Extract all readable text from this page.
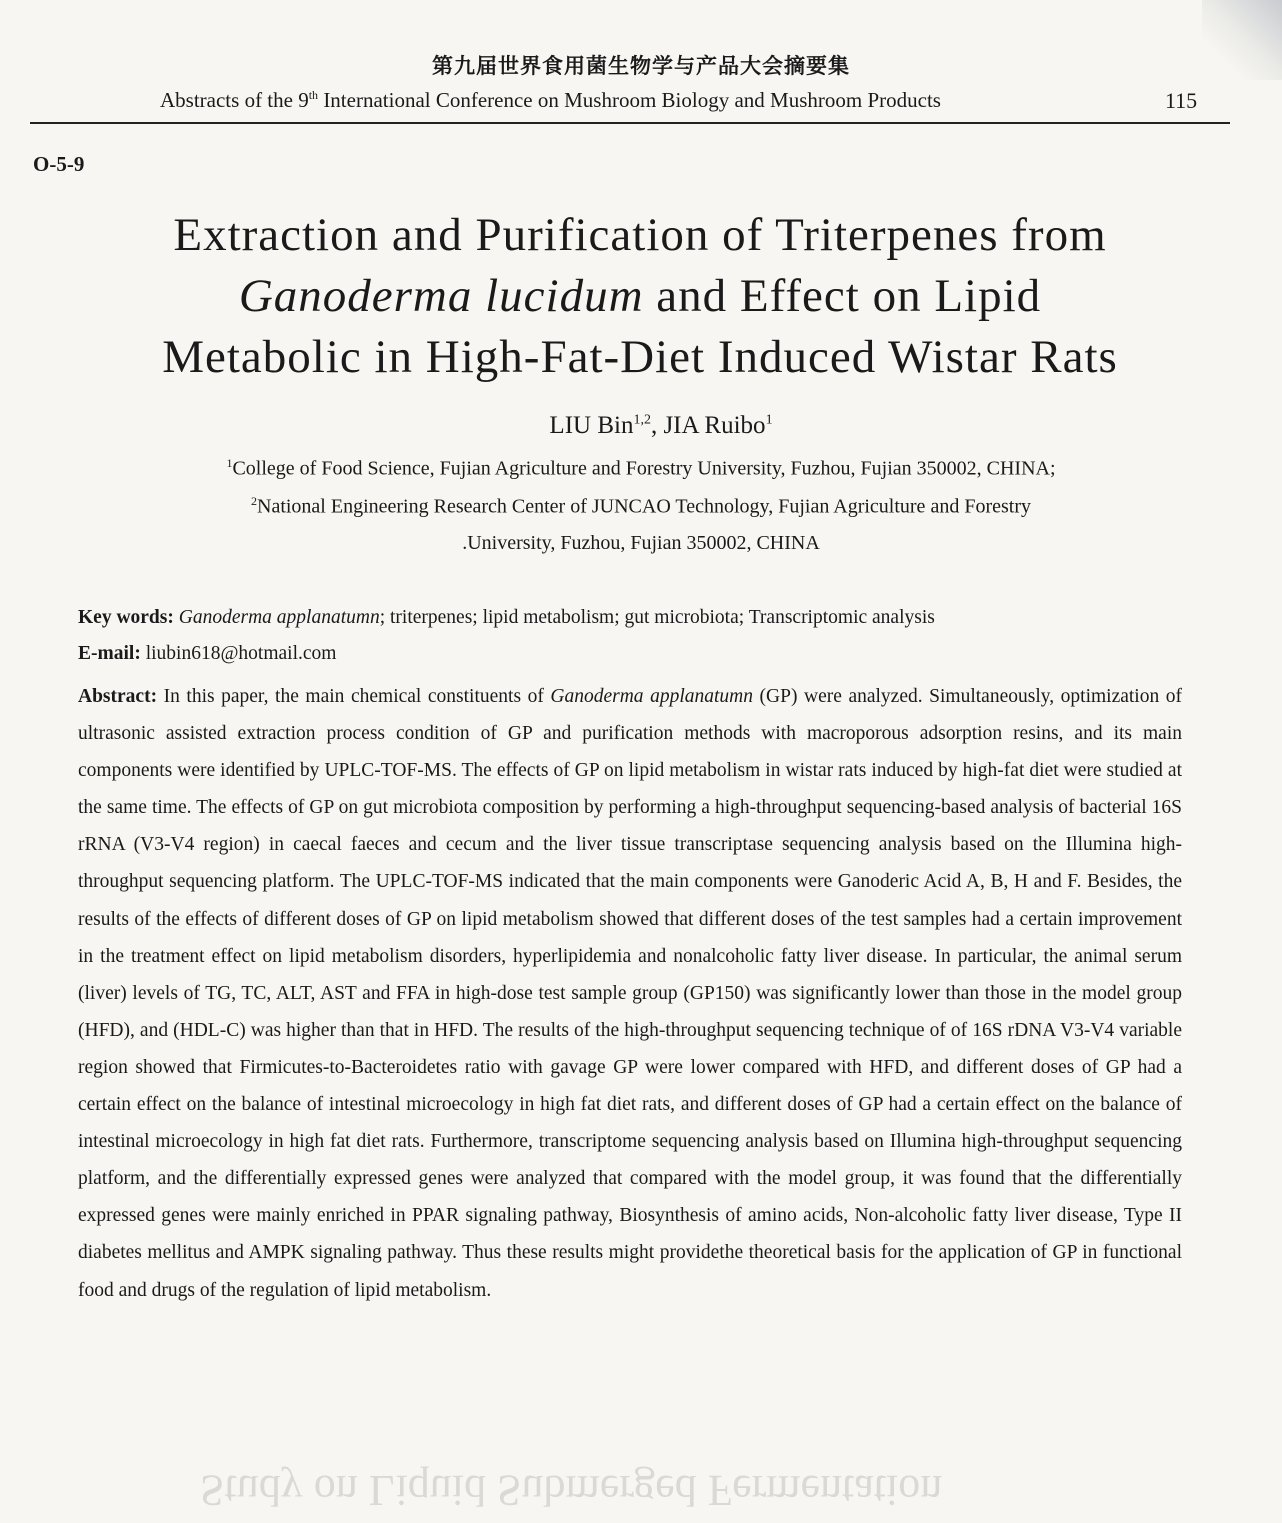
第九届世界食用菌生物学与产品大会摘要集
Abstracts of the 9th International Conference on Mushroom Biology and Mushroom Products	115
O-5-9
Extraction and Purification of Triterpenes from
Ganoderma lucidum and Effect on Lipid
Metabolic in High-Fat-Diet Induced Wistar Rats
LIU Bin$^{1,2}$, JIA Ruibo$^1$
$^1$College of Food Science, Fujian Agriculture and Forestry University, Fuzhou, Fujian 350002, CHINA;
$^2$National Engineering Research Center of JUNCAO Technology, Fujian Agriculture and Forestry
.University, Fuzhou, Fujian 350002, CHINA
Key words: Ganoderma applanatumn; triterpenes; lipid metabolism; gut microbiota; Transcriptomic analysis
E-mail: liubin618@hotmail.com
Abstract: In this paper, the main chemical constituents of Ganoderma applanatumn (GP) were analyzed. Simultaneously, optimization of ultrasonic assisted extraction process condition of GP and purification methods with macroporous adsorption resins, and its main components were identified by UPLC-TOF-MS. The effects of GP on lipid metabolism in wistar rats induced by high-fat diet were studied at the same time. The effects of GP on gut microbiota composition by performing a high-throughput sequencing-based analysis of bacterial 16S rRNA (V3-V4 region) in caecal faeces and cecum and the liver tissue transcriptase sequencing analysis based on the Illumina high-throughput sequencing platform. The UPLC-TOF-MS indicated that the main components were Ganoderic Acid A, B, H and F. Besides, the results of the effects of different doses of GP on lipid metabolism showed that different doses of the test samples had a certain improvement in the treatment effect on lipid metabolism disorders, hyperlipidemia and nonalcoholic fatty liver disease. In particular, the animal serum (liver) levels of TG, TC, ALT, AST and FFA in high-dose test sample group (GP150) was significantly lower than those in the model group (HFD), and (HDL-C) was higher than that in HFD. The results of the high-throughput sequencing technique of of 16S rDNA V3-V4 variable region showed that Firmicutes-to-Bacteroidetes ratio with gavage GP were lower compared with HFD, and different doses of GP had a certain effect on the balance of intestinal microecology in high fat diet rats, and different doses of GP had a certain effect on the balance of intestinal microecology in high fat diet rats. Furthermore, transcriptome sequencing analysis based on Illumina high-throughput sequencing platform, and the differentially expressed genes were analyzed that compared with the model group, it was found that the differentially expressed genes were mainly enriched in PPAR signaling pathway, Biosynthesis of amino acids, Non-alcoholic fatty liver disease, Type II diabetes mellitus and AMPK signaling pathway. Thus these results might providethe theoretical basis for the application of GP in functional food and drugs of the regulation of lipid metabolism.
Study on Liquid Submerged Fermentation
